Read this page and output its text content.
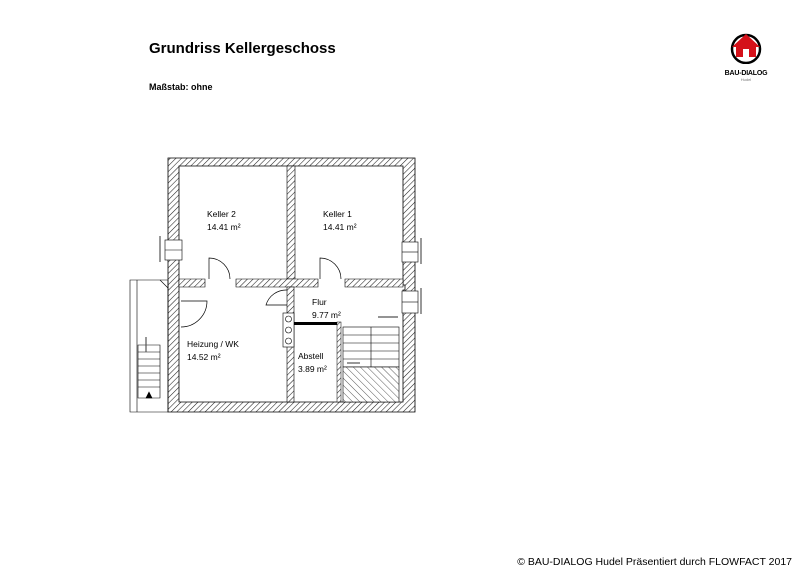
Grundriss Kellergeschoss
Maßstab: ohne
BAU-DIALOG
Hudel
Keller 2
14.41 m²
Keller 1
14.41 m²
Flur
9.77 m²
Heizung / WK
14.52 m²	Abstell
3.89 m²
© BAU-DIALOG Hudel Präsentiert durch FLOWFACT 2017
